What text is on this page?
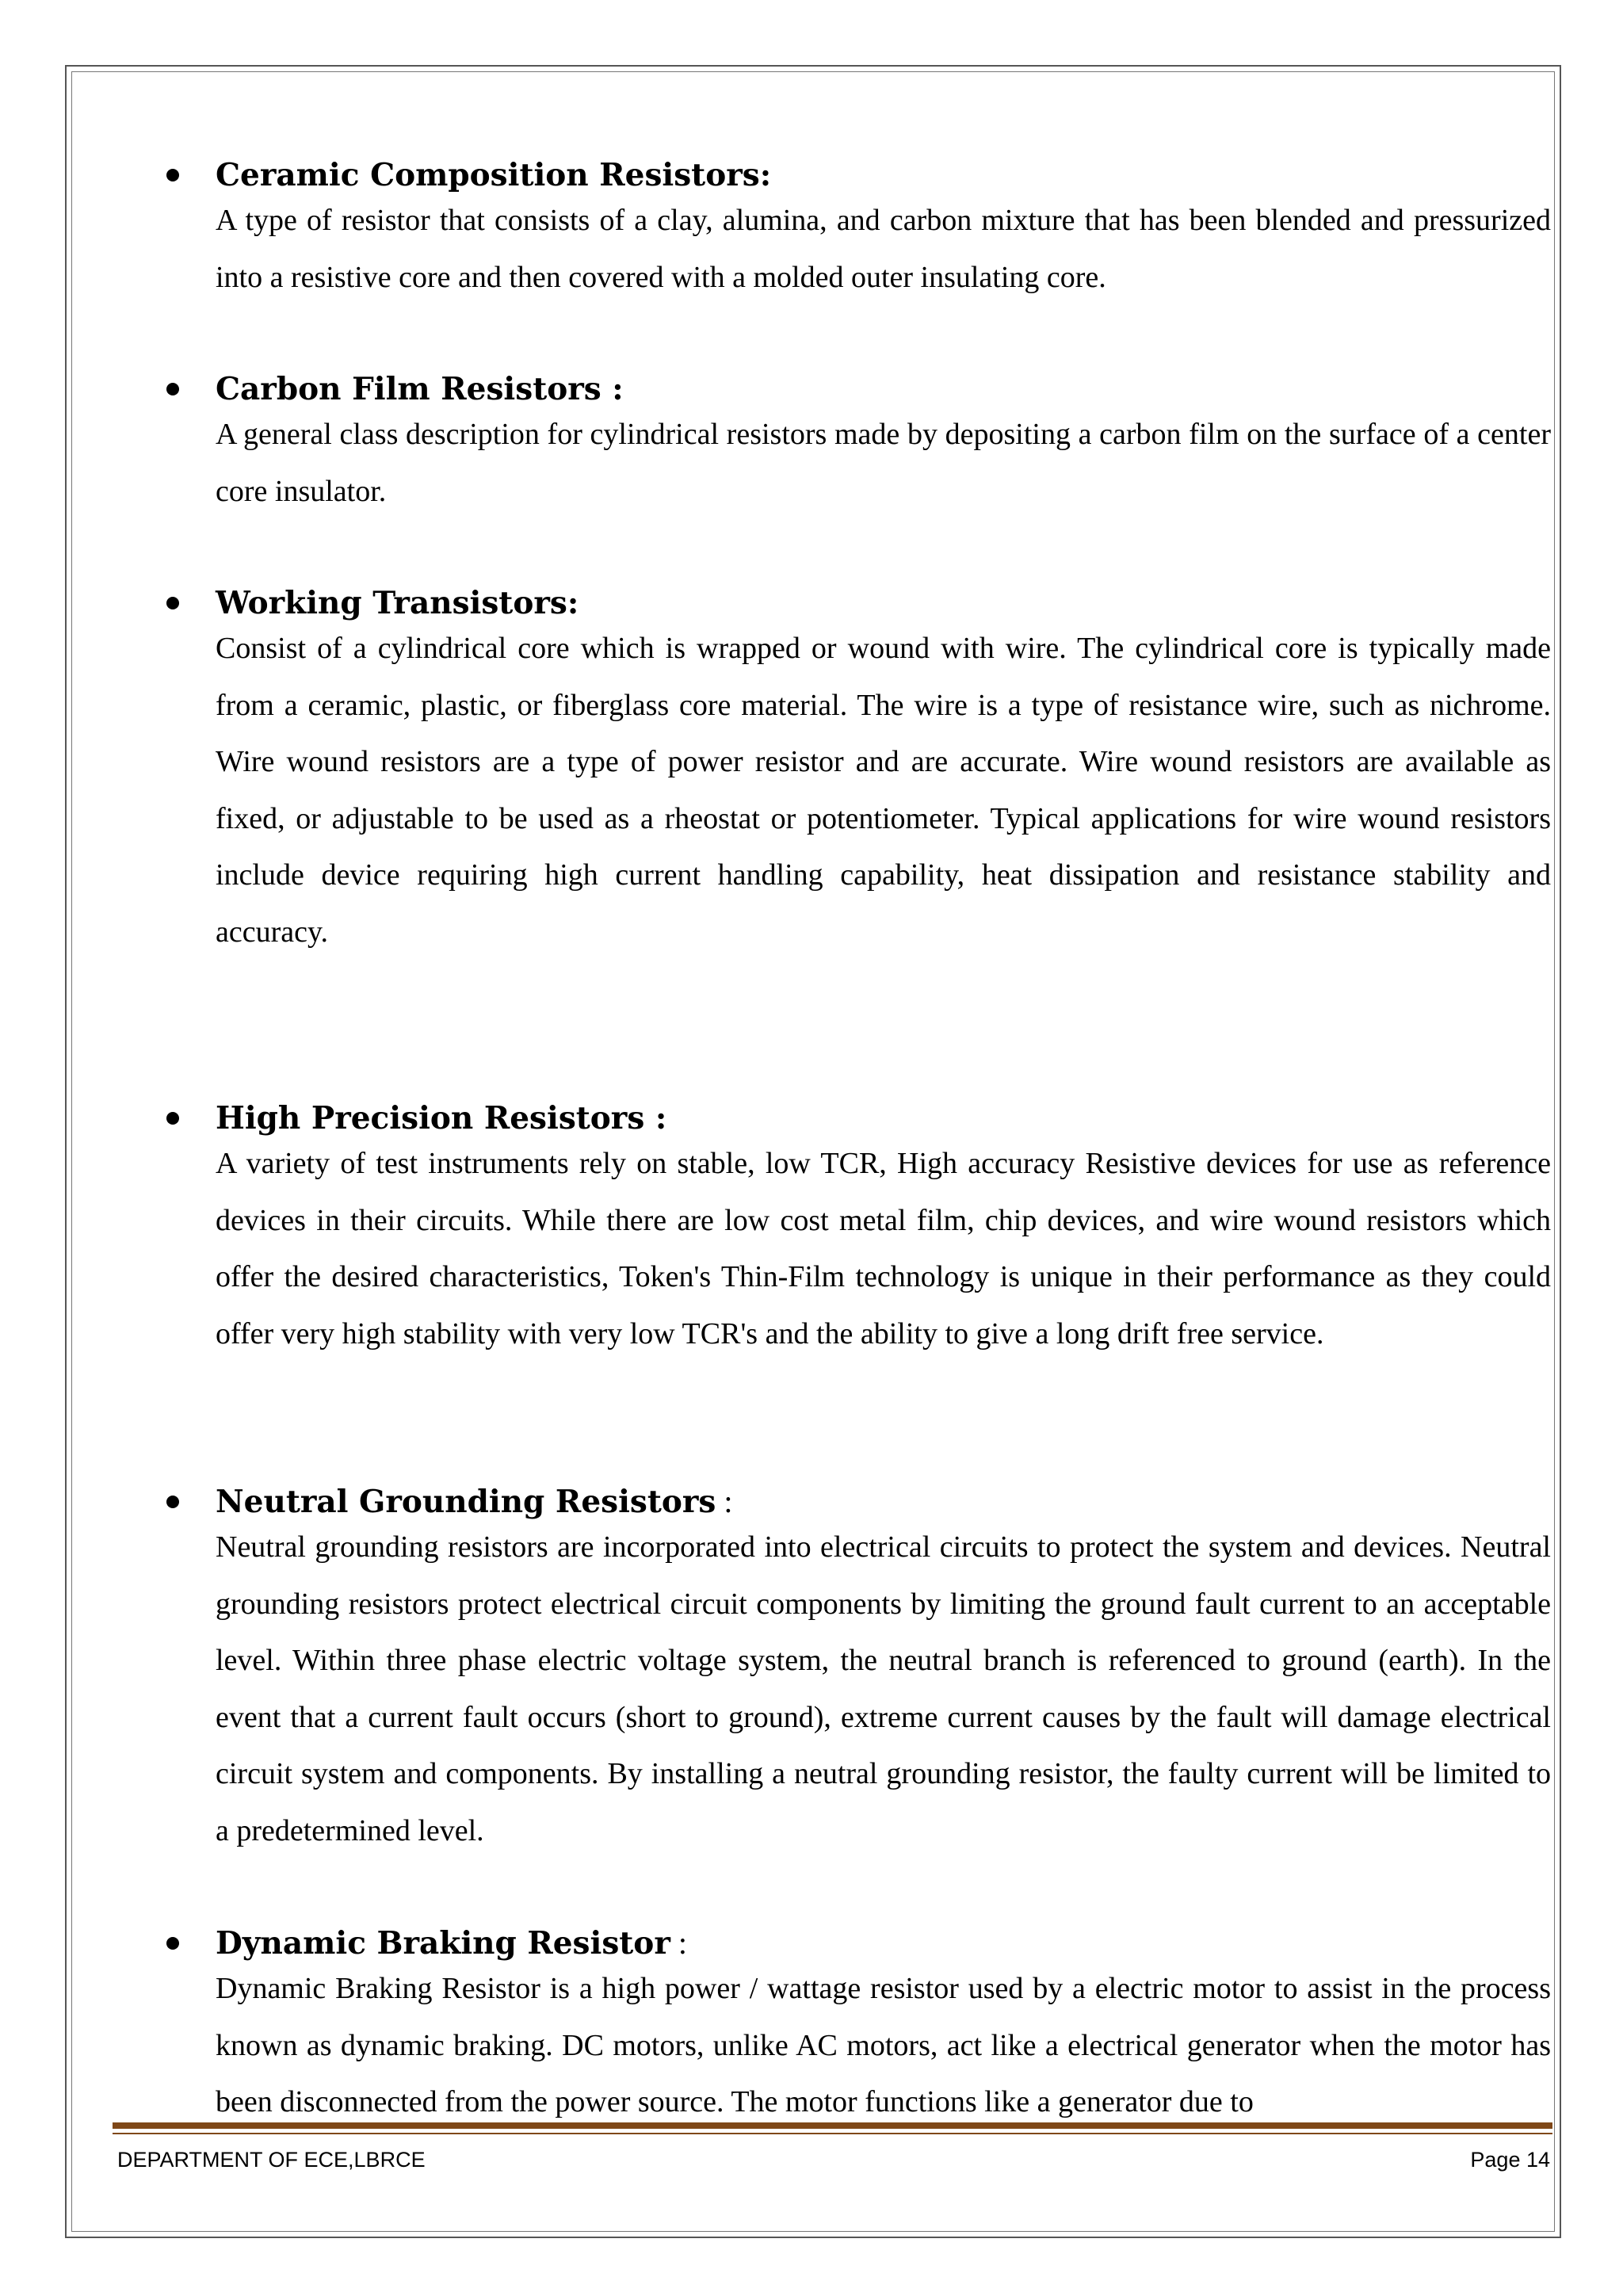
Ceramic Composition Resistors:

A type of resistor that consists of a clay, alumina, and carbon mixture that has been blended and pressurized into a resistive core and then covered with a molded outer insulating core.

Carbon Film Resistors :

A general class description for cylindrical resistors made by depositing a carbon film on the surface of a center core insulator.

Working Transistors:

Consist of a cylindrical core which is wrapped or wound with wire. The cylindrical core is typically made from a ceramic, plastic, or fiberglass core material. The wire is a type of resistance wire, such as nichrome. Wire wound resistors are a type of power resistor and are accurate. Wire wound resistors are available as fixed, or adjustable to be used as a rheostat or potentiometer. Typical applications for wire wound resistors include device requiring high current handling capability, heat dissipation and resistance stability and accuracy.

High Precision Resistors :

A variety of test instruments rely on stable, low TCR, High accuracy Resistive devices for use as reference devices in their circuits. While there are low cost metal film, chip devices, and wire wound resistors which offer the desired characteristics, Token's Thin-Film technology is unique in their performance as they could offer very high stability with very low TCR's and the ability to give a long drift free service.

Neutral Grounding Resistors :

Neutral grounding resistors are incorporated into electrical circuits to protect the system and devices. Neutral grounding resistors protect electrical circuit components by limiting the ground fault current to an acceptable level. Within three phase electric voltage system, the neutral branch is referenced to ground (earth). In the event that a current fault occurs (short to ground), extreme current causes by the fault will damage electrical circuit system and components. By installing a neutral grounding resistor, the faulty current will be limited to a predetermined level.

Dynamic Braking Resistor :

Dynamic Braking Resistor is a high power / wattage resistor used by a electric motor to assist in the process known as dynamic braking. DC motors, unlike AC motors, act like a electrical generator when the motor has been disconnected from the power source. The motor functions like a generator due to

DEPARTMENT OF ECE,LBRCE	Page 14
